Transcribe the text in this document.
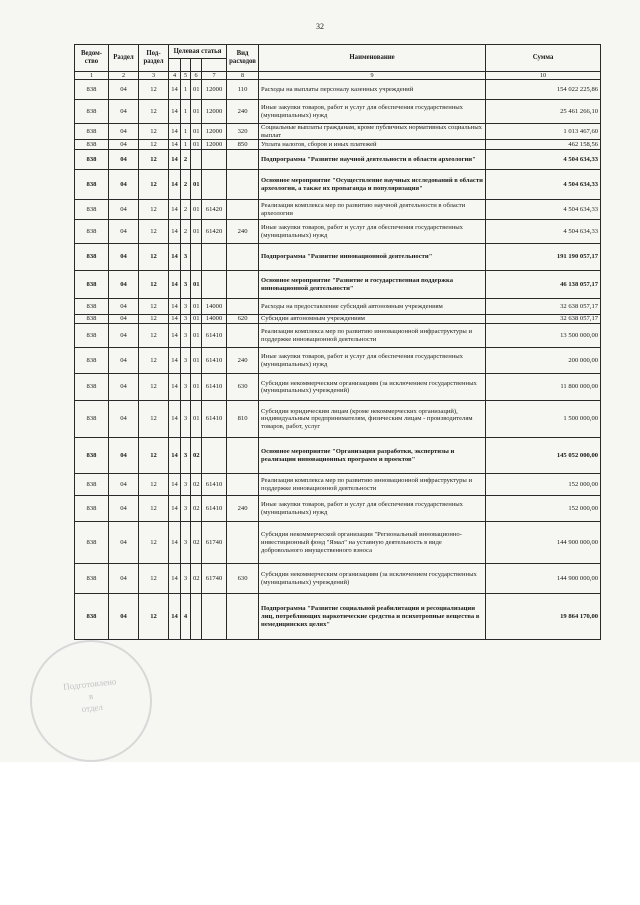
32
Ведом-ство	Раздел	Под-раздел	Целевая статья				Вид расходов	Наименование	Сумма

1	2	3	4	5	6	7	8	9	10
838	04	12	14	1	01	12000	110	Расходы на выплаты персоналу казенных учреждений	154 022 225,86
838	04	12	14	1	01	12000	240	Иные закупки товаров, работ и услуг для обеспечения государственных (муниципальных) нужд	25 461 266,10
838	04	12	14	1	01	12000	320	Социальные выплаты гражданам, кроме публичных нормативных социальных выплат	1 013 467,60
838	04	12	14	1	01	12000	850	Уплата налогов, сборов и иных платежей	462 158,56
838	04	12	14	2				Подпрограмма "Развитие научной деятельности в области археологии"	4 504 634,33
838	04	12	14	2	01			Основное мероприятие "Осуществление научных исследований в области археологии, а также их пропаганда и популяризация"	4 504 634,33
838	04	12	14	2	01	61420		Реализация комплекса мер по развитию научной деятельности в области археологии	4 504 634,33
838	04	12	14	2	01	61420	240	Иные закупки товаров, работ и услуг для обеспечения государственных (муниципальных) нужд	4 504 634,33
838	04	12	14	3				Подпрограмма "Развитие инновационной деятельности"	191 190 057,17
838	04	12	14	3	01			Основное мероприятие "Развитие и государственная поддержка инновационной деятельности"	46 138 057,17
838	04	12	14	3	01	14000		Расходы на предоставление субсидий автономным учреждениям	32 638 057,17
838	04	12	14	3	01	14000	620	Субсидии автономным учреждениям	32 638 057,17
838	04	12	14	3	01	61410		Реализация комплекса мер по развитию инновационной инфраструктуры и поддержке инновационной деятельности	13 500 000,00
838	04	12	14	3	01	61410	240	Иные закупки товаров, работ и услуг для обеспечения государственных (муниципальных) нужд	200 000,00
838	04	12	14	3	01	61410	630	Субсидии некоммерческим организациям (за исключением государственных (муниципальных) учреждений)	11 800 000,00
838	04	12	14	3	01	61410	810	Субсидии юридическим лицам (кроме некоммерческих организаций), индивидуальным предпринимателям, физическим лицам - производителям товаров, работ, услуг	1 500 000,00
838	04	12	14	3	02			Основное мероприятие "Организация разработки, экспертизы и реализации инновационных программ и проектов"	145 052 000,00
838	04	12	14	3	02	61410		Реализация комплекса мер по развитию инновационной инфраструктуры и поддержке инновационной деятельности	152 000,00
838	04	12	14	3	02	61410	240	Иные закупки товаров, работ и услуг для обеспечения государственных (муниципальных) нужд	152 000,00
838	04	12	14	3	02	61740		Субсидия некоммерческой организации "Региональный инновационно-инвестиционный фонд "Ямал" на уставную деятельность в виде добровольного имущественного взноса	144 900 000,00
838	04	12	14	3	02	61740	630	Субсидии некоммерческим организациям (за исключением государственных (муниципальных) учреждений)	144 900 000,00
838	04	12	14	4				Подпрограмма "Развитие социальной реабилитации и ресоциализации лиц, потребляющих наркотические средства и психотропные вещества в немедицинских целях"	19 864 170,00
Подготовлено
в
отдел
